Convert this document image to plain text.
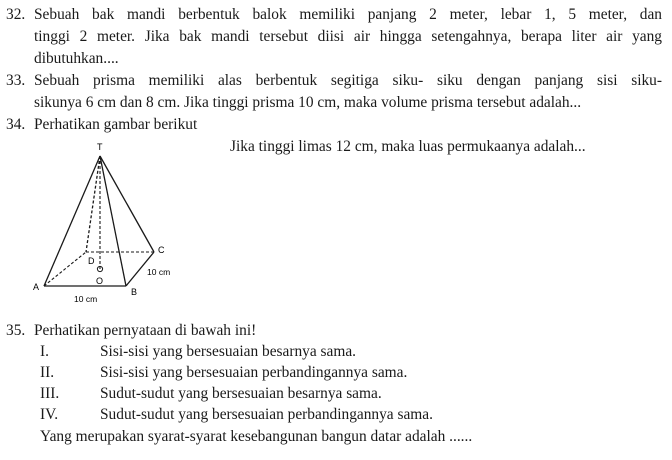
32. Sebuah bak mandi berbentuk balok memiliki panjang 2 meter, lebar 1, 5 meter, dan
tinggi 2 meter. Jika bak mandi tersebut diisi air hingga setengahnya, berapa liter air yang
dibutuhkan....
33. Sebuah prisma memiliki alas berbentuk segitiga siku- siku dengan panjang sisi siku-
sikunya 6 cm dan 8 cm. Jika tinggi prisma 10 cm, maka volume prisma tersebut adalah...
34. Perhatikan gambar berikut
Jika tinggi limas 12 cm, maka luas permukaanya adalah...
T
D
C
O
A	B
10 cm
10 cm
35. Perhatikan pernyataan di bawah ini!
I.	Sisi-sisi yang bersesuaian besarnya sama.
II.	Sisi-sisi yang bersesuaian perbandingannya sama.
III.	Sudut-sudut yang bersesuaian besarnya sama.
IV.	Sudut-sudut yang bersesuaian perbandingannya sama.
Yang merupakan syarat-syarat kesebangunan bangun datar adalah ......
